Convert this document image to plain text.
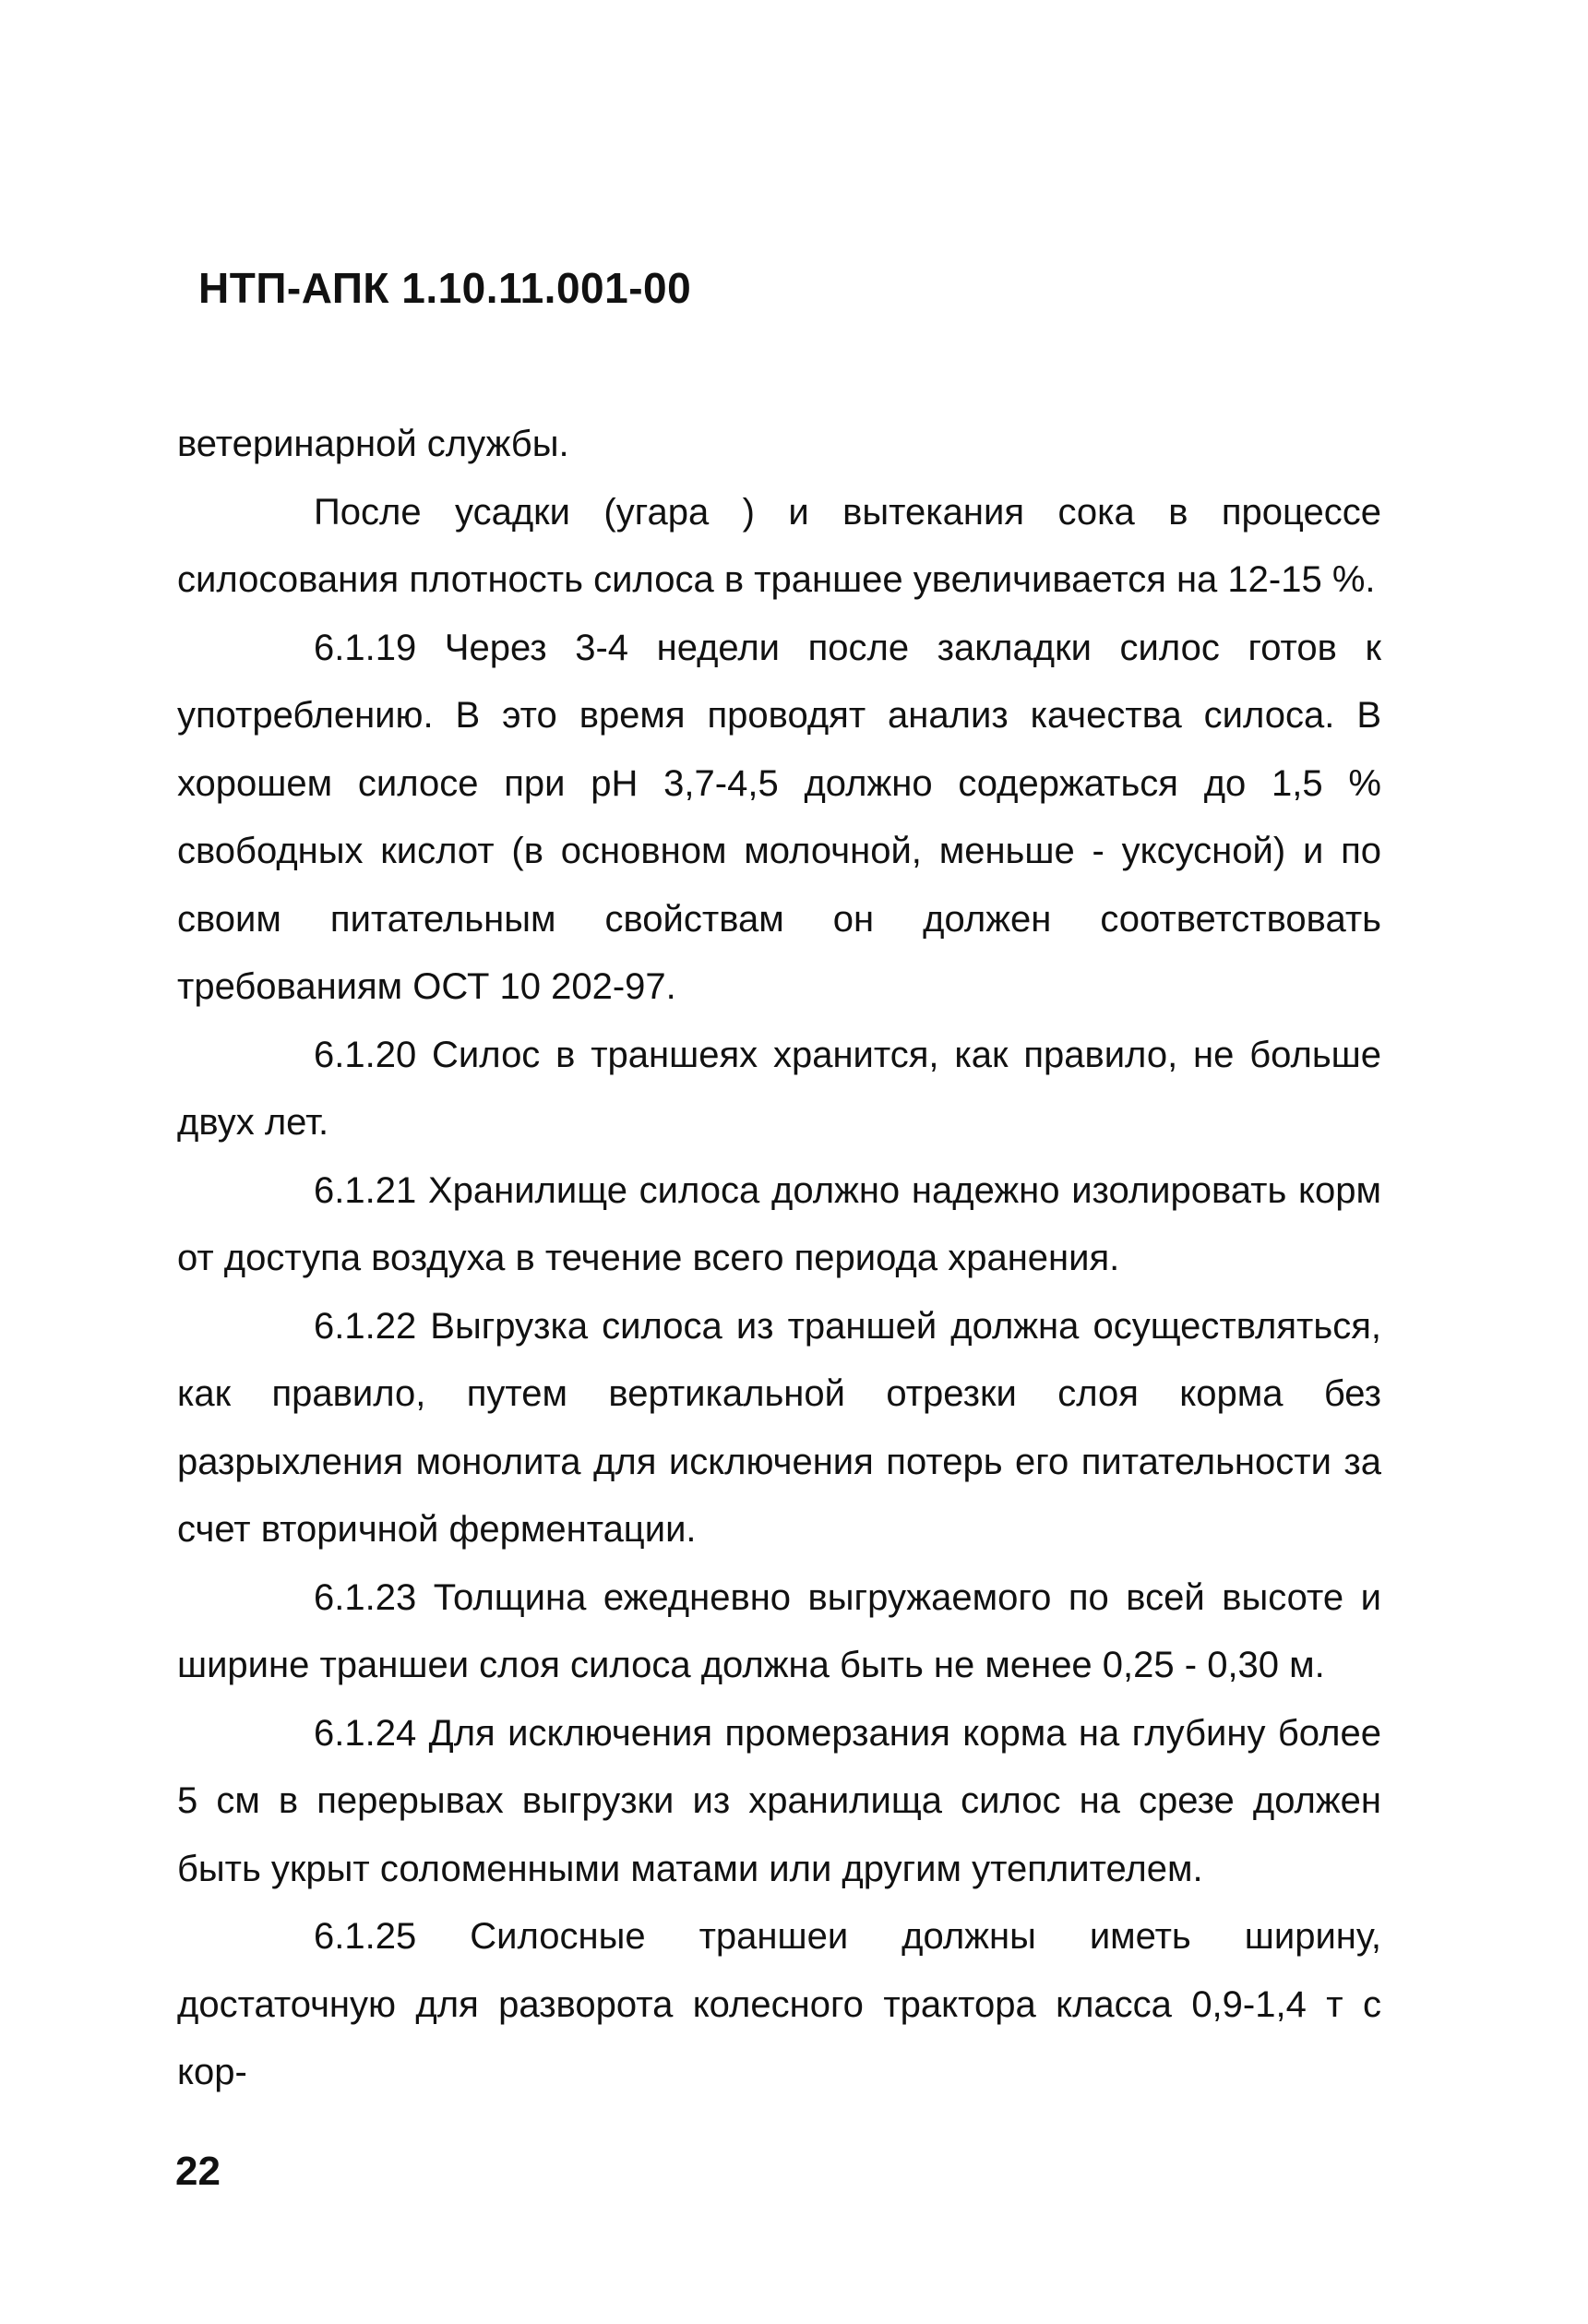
НТП-АПК 1.10.11.001-00

ветеринарной службы.

После усадки (угара ) и вытекания сока в процессе силосования плотность силоса в траншее увеличивается на 12-15 %.

6.1.19 Через 3-4 недели после закладки силос готов к употреблению. В это время проводят анализ качества силоса. В хорошем силосе при рН 3,7-4,5 должно содержаться до 1,5 % свободных кислот (в основном молочной, меньше - уксусной) и по своим питательным свойствам он должен соответствовать требованиям ОСТ 10 202-97.

6.1.20 Силос в траншеях хранится, как правило, не больше двух лет.

6.1.21 Хранилище силоса должно надежно изолировать корм от доступа воздуха в течение всего периода хранения.

6.1.22 Выгрузка силоса из траншей должна осуществляться, как правило, путем вертикальной отрезки слоя корма без разрыхления монолита для исключения потерь его питательности за счет вторичной ферментации.

6.1.23 Толщина ежедневно выгружаемого по всей высоте и ширине траншеи слоя силоса должна быть не менее 0,25 - 0,30 м.

6.1.24 Для исключения промерзания корма на глубину более 5 см в перерывах выгрузки из хранилища силос на срезе должен быть укрыт соломенными матами или другим утеплителем.

6.1.25 Силосные траншеи должны иметь ширину, достаточную для разворота колесного трактора класса 0,9-1,4 т с кор-

22
